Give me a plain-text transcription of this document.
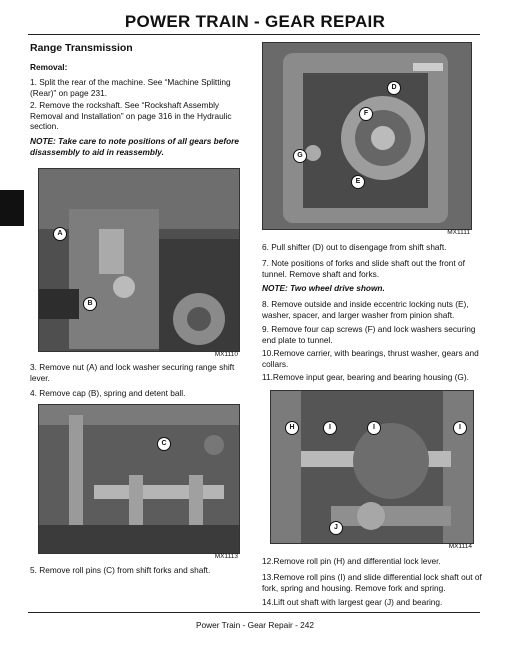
POWER TRAIN - GEAR REPAIR
Range Transmission
Removal:
1. Split the rear of the machine. See “Machine Splitting (Rear)” on page 231.
2. Remove the rockshaft. See “Rockshaft Assembly Removal and Installation” on page 316 in the Hydraulic section.
NOTE: Take care to note positions of all gears before disassembly to aid in reassembly.
A
B
MX1110
3. Remove nut (A) and lock washer securing range shift lever.
4. Remove cap (B), spring and detent ball.
C
MX1113
5. Remove roll pins (C) from shift forks and shaft.
D
F
G
E
MX1111
6. Pull shifter (D) out to disengage from shift shaft.
7. Note positions of forks and slide shaft out the front of tunnel. Remove shaft and forks.
NOTE: Two wheel drive shown.
8. Remove outside and inside eccentric locking nuts (E), washer, spacer, and larger washer from pinion shaft.
9. Remove four cap screws (F) and lock washers securing end plate to tunnel.
10.Remove carrier, with bearings, thrust washer, gears and collars.
11.Remove input gear, bearing and bearing housing (G).
H	I	I	I
J
MX1114
12.Remove roll pin (H) and differential lock lever.
13.Remove roll pins (I) and slide differential lock shaft out of fork, spring and housing. Remove fork and spring.
14.Lift out shaft with largest gear (J) and bearing.
Power Train - Gear Repair - 242
